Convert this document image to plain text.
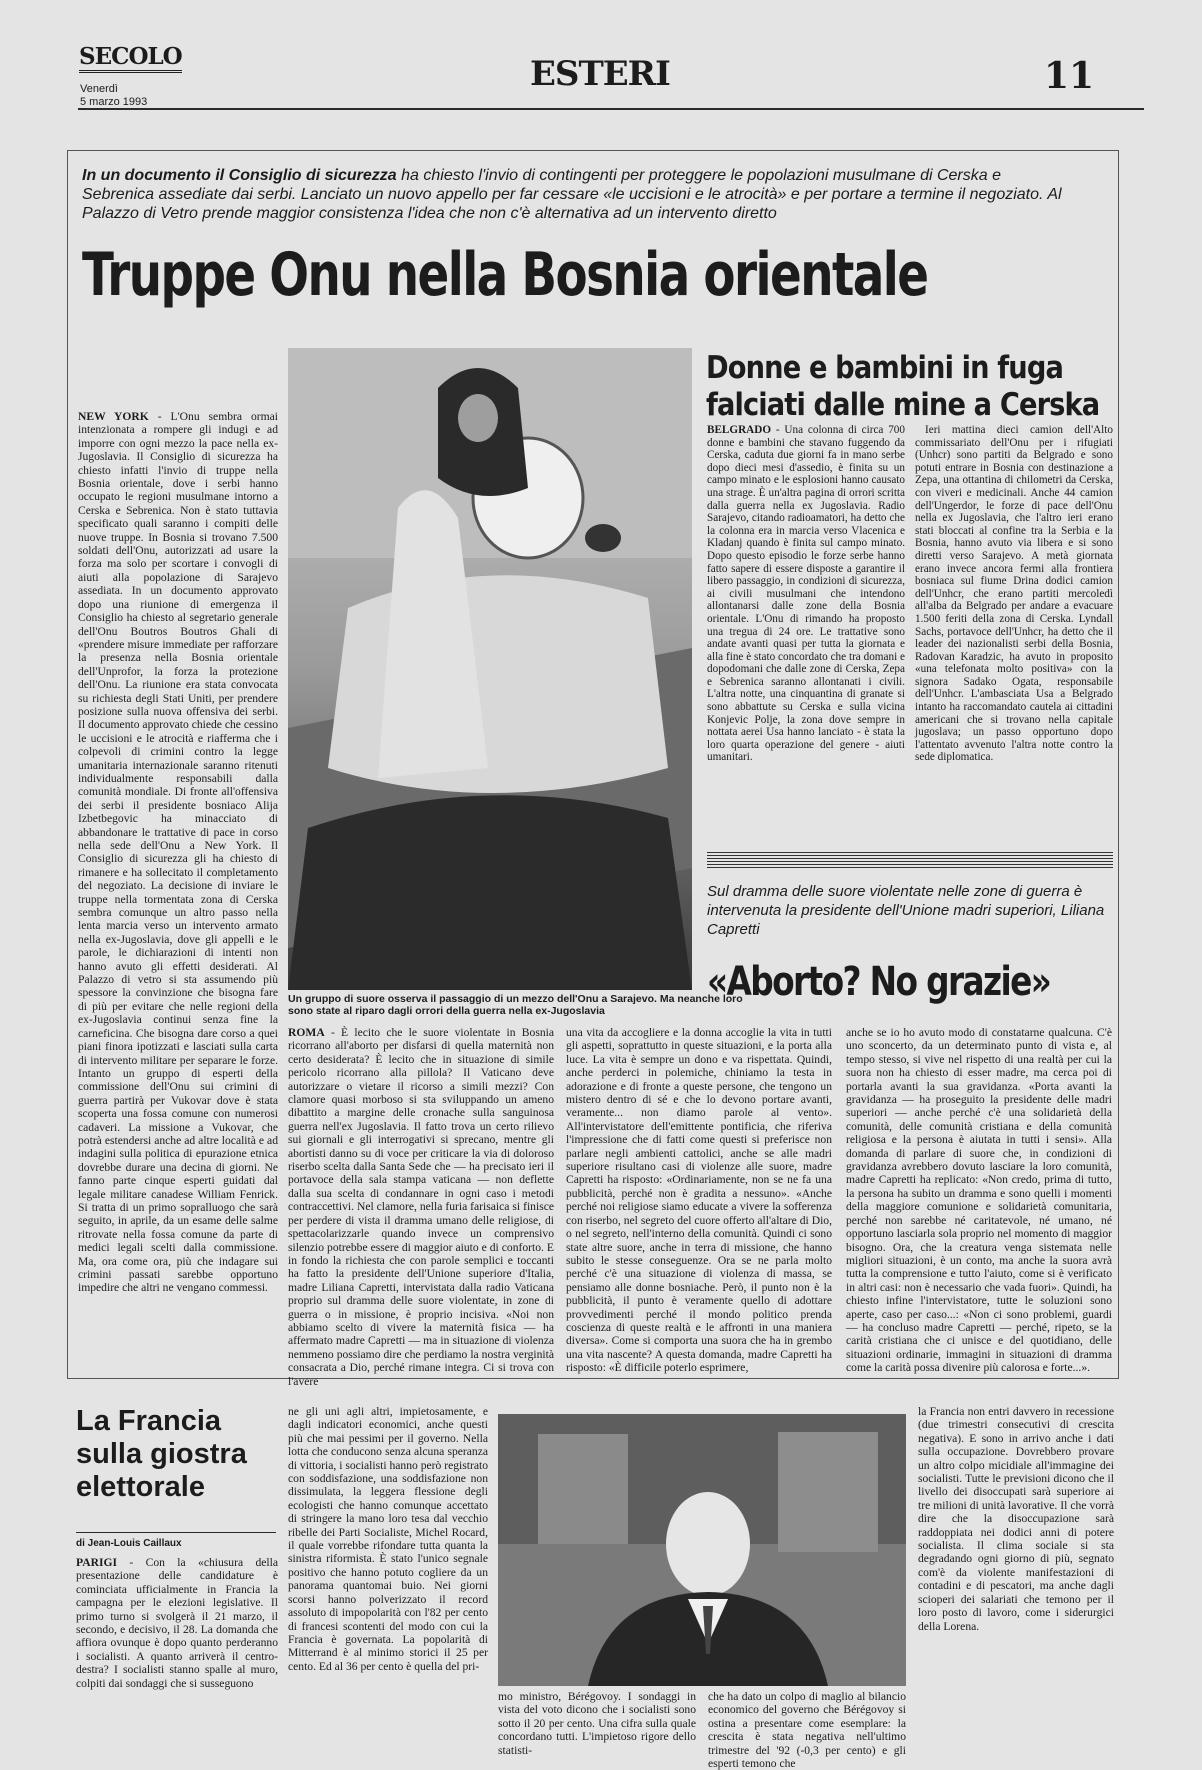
SECOLO
Venerdì
5 marzo 1993
ESTERI	11
In un documento il Consiglio di sicurezza ha chiesto l'invio di contingenti per proteggere le popolazioni musulmane di Cerska e Sebrenica assediate dai serbi. Lanciato un nuovo appello per far cessare «le uccisioni e le atrocità» e per portare a termine il negoziato. Al Palazzo di Vetro prende maggior consistenza l'idea che non c'è alternativa ad un intervento diretto
Truppe Onu nella Bosnia orientale

NEW YORK - L'Onu sembra ormai intenzionata a rompere gli indugi e ad imporre con ogni mezzo la pace nella ex-Jugoslavia. Il Consiglio di sicurezza ha chiesto infatti l'invio di truppe nella Bosnia orientale, dove i serbi hanno occupato le regioni musulmane intorno a Cerska e Sebrenica. Non è stato tuttavia specificato quali saranno i compiti delle nuove truppe. In Bosnia si trovano 7.500 soldati dell'Onu, autorizzati ad usare la forza ma solo per scortare i convogli di aiuti alla popolazione di Sarajevo assediata. In un documento approvato dopo una riunione di emergenza il Consiglio ha chiesto al segretario generale dell'Onu Boutros Boutros Ghali di «prendere misure immediate per rafforzare la presenza nella Bosnia orientale dell'Unprofor, la forza la protezione dell'Onu. La riunione era stata convocata su richiesta degli Stati Uniti, per prendere posizione sulla nuova offensiva dei serbi. Il documento approvato chiede che cessino le uccisioni e le atrocità e riafferma che i colpevoli di crimini contro la legge umanitaria internazionale saranno ritenuti individualmente responsabili dalla comunità mondiale. Di fronte all'offensiva dei serbi il presidente bosniaco Alija Izbetbegovic ha minacciato di abbandonare le trattative di pace in corso nella sede dell'Onu a New York. Il Consiglio di sicurezza gli ha chiesto di rimanere e ha sollecitato il completamento del negoziato. La decisione di inviare le truppe nella tormentata zona di Cerska sembra comunque un altro passo nella lenta marcia verso un intervento armato nella ex-Jugoslavia, dove gli appelli e le parole, le dichiarazioni di intenti non hanno avuto gli effetti desiderati. Al Palazzo di vetro si sta assumendo più spessore la convinzione che bisogna fare di più per evitare che nelle regioni della ex-Jugoslavia continui senza fine la carneficina. Che bisogna dare corso a quei piani finora ipotizzati e lasciati sulla carta di intervento militare per separare le forze. Intanto un gruppo di esperti della commissione dell'Onu sui crimini di guerra partirà per Vukovar dove è stata scoperta una fossa comune con numerosi cadaveri. La missione a Vukovar, che potrà estendersi anche ad altre località e ad indagini sulla politica di epurazione etnica dovrebbe durare una decina di giorni. Ne fanno parte cinque esperti guidati dal legale militare canadese William Fenrick. Si tratta di un primo sopralluogo che sarà seguito, in aprile, da un esame delle salme ritrovate nella fossa comune da parte di medici legali scelti dalla commissione. Ma, ora come ora, più che indagare sui crimini passati sarebbe opportuno impedire che altri ne vengano commessi.

Un gruppo di suore osserva il passaggio di un mezzo dell'Onu a Sarajevo. Ma neanche loro sono state al riparo dagli orrori della guerra nella ex-Jugoslavia
Donne e bambini in fuga falciati dalle mine a Cerska

BELGRADO - Una colonna di circa 700 donne e bambini che stavano fuggendo da Cerska, caduta due giorni fa in mano serbe dopo dieci mesi d'assedio, è finita su un campo minato e le esplosioni hanno causato una strage. È un'altra pagina di orrori scritta dalla guerra nella ex Jugoslavia. Radio Sarajevo, citando radioamatori, ha detto che la colonna era in marcia verso Vlacenica e Kladanj quando è finita sul campo minato. Dopo questo episodio le forze serbe hanno fatto sapere di essere disposte a garantire il libero passaggio, in condizioni di sicurezza, ai civili musulmani che intendono allontanarsi dalle zone della Bosnia orientale. L'Onu di rimando ha proposto una tregua di 24 ore. Le trattative sono andate avanti quasi per tutta la giornata e alla fine è stato concordato che tra domani e dopodomani che dalle zone di Cerska, Zepa e Sebrenica saranno allontanati i civili. L'altra notte, una cinquantina di granate si sono abbattute su Cerska e sulla vicina Konjevic Polje, la zona dove sempre in nottata aerei Usa hanno lanciato - è stata la loro quarta operazione del genere - aiuti umanitari.

Ieri mattina dieci camion dell'Alto commissariato dell'Onu per i rifugiati (Unhcr) sono partiti da Belgrado e sono potuti entrare in Bosnia con destinazione a Zepa, una ottantina di chilometri da Cerska, con viveri e medicinali. Anche 44 camion dell'Ungerdor, le forze di pace dell'Onu nella ex Jugoslavia, che l'altro ieri erano stati bloccati al confine tra la Serbia e la Bosnia, hanno avuto via libera e si sono diretti verso Sarajevo. A metà giornata erano invece ancora fermi alla frontiera bosniaca sul fiume Drina dodici camion dell'Unhcr, che erano partiti mercoledì all'alba da Belgrado per andare a evacuare 1.500 feriti della zona di Cerska. Lyndall Sachs, portavoce dell'Unhcr, ha detto che il leader dei nazionalisti serbi della Bosnia, Radovan Karadzic, ha avuto in proposito «una telefonata molto positiva» con la signora Sadako Ogata, responsabile dell'Unhcr. L'ambasciata Usa a Belgrado intanto ha raccomandato cautela ai cittadini americani che si trovano nella capitale jugoslava; un passo opportuno dopo l'attentato avvenuto l'altra notte contro la sede diplomatica.

Sul dramma delle suore violentate nelle zone di guerra è intervenuta la presidente dell'Unione madri superiori, Liliana Capretti
«Aborto? No grazie»

ROMA - È lecito che le suore violentate in Bosnia ricorrano all'aborto per disfarsi di quella maternità non certo desiderata? È lecito che in situazione di simile pericolo ricorrano alla pillola? Il Vaticano deve autorizzare o vietare il ricorso a simili mezzi? Con clamore quasi morboso si sta sviluppando un ameno dibattito a margine delle cronache sulla sanguinosa guerra nell'ex Jugoslavia. Il fatto trova un certo rilievo sui giornali e gli interrogativi si sprecano, mentre gli abortisti danno su di voce per criticare la via di doloroso riserbo scelta dalla Santa Sede che — ha precisato ieri il portavoce della sala stampa vaticana — non deflette dalla sua scelta di condannare in ogni caso i metodi contraccettivi. Nel clamore, nella furia farisaica si finisce per perdere di vista il dramma umano delle religiose, di spettacolarizzarle quando invece un comprensivo silenzio potrebbe essere di maggior aiuto e di conforto. E in fondo la richiesta che con parole semplici e toccanti ha fatto la presidente dell'Unione superiore d'Italia, madre Liliana Capretti, intervistata dalla radio Vaticana proprio sul dramma delle suore violentate, in zone di guerra o in missione, è proprio incisiva. «Noi non abbiamo scelto di vivere la maternità fisica — ha affermato madre Capretti — ma in situazione di violenza nemmeno possiamo dire che perdiamo la nostra verginità consacrata a Dio, perché rimane integra. Ci si trova con l'avere

una vita da accogliere e la donna accoglie la vita in tutti gli aspetti, soprattutto in queste situazioni, e la porta alla luce. La vita è sempre un dono e va rispettata. Quindi, anche perderci in polemiche, chiniamo la testa in adorazione e di fronte a queste persone, che tengono un mistero dentro di sé e che lo devono portare avanti, veramente... non diamo parole al vento». All'intervistatore dell'emittente pontificia, che riferiva l'impressione che di fatti come questi si preferisce non parlare negli ambienti cattolici, anche se alle madri superiore risultano casi di violenze alle suore, madre Capretti ha risposto: «Ordinariamente, non se ne fa una pubblicità, perché non è gradita a nessuno». «Anche perché noi religiose siamo educate a vivere la sofferenza con riserbo, nel segreto del cuore offerto all'altare di Dio, o nel segreto, nell'interno della comunità. Quindi ci sono state altre suore, anche in terra di missione, che hanno subito le stesse conseguenze. Ora se ne parla molto perché c'è una situazione di violenza di massa, se pensiamo alle donne bosniache. Però, il punto non è la pubblicità, il punto è veramente quello di adottare provvedimenti perché il mondo politico prenda coscienza di queste realtà e le affronti in una maniera diversa». Come si comporta una suora che ha in grembo una vita nascente? A questa domanda, madre Capretti ha risposto: «È difficile poterlo esprimere,

anche se io ho avuto modo di constatarne qualcuna. C'è uno sconcerto, da un determinato punto di vista e, al tempo stesso, si vive nel rispetto di una realtà per cui la suora non ha chiesto di esser madre, ma cerca poi di portarla avanti la sua gravidanza. «Porta avanti la gravidanza — ha proseguito la presidente delle madri superiori — anche perché c'è una solidarietà della comunità, delle comunità cristiana e della comunità religiosa e la persona è aiutata in tutti i sensi». Alla domanda di parlare di suore che, in condizioni di gravidanza avrebbero dovuto lasciare la loro comunità, madre Capretti ha replicato: «Non credo, prima di tutto, la persona ha subito un dramma e sono quelli i momenti della maggiore comunione e solidarietà comunitaria, perché non sarebbe né caritatevole, né umano, né opportuno lasciarla sola proprio nel momento di maggior bisogno. Ora, che la creatura venga sistemata nelle migliori situazioni, è un conto, ma anche la suora avrà tutta la comprensione e tutto l'aiuto, come si è verificato in altri casi: non è necessario che vada fuori». Quindi, ha chiesto infine l'intervistatore, tutte le soluzioni sono aperte, caso per caso...: «Non ci sono problemi, guardi — ha concluso madre Capretti — perché, ripeto, se la carità cristiana che ci unisce e del quotidiano, delle situazioni ordinarie, immagini in situazioni di dramma come la carità possa divenire più calorosa e forte...».

La Francia sulla giostra elettorale
di Jean-Louis Caillaux

PARIGI - Con la «chiusura della presentazione delle candidature è cominciata ufficialmente in Francia la campagna per le elezioni legislative. Il primo turno si svolgerà il 21 marzo, il secondo, e decisivo, il 28. La domanda che affiora ovunque è dopo quanto perderanno i socialisti. A quanto arriverà il centro-destra? I socialisti stanno spalle al muro, colpiti dai sondaggi che si susseguono

ne gli uni agli altri, impietosamente, e dagli indicatori economici, anche questi più che mai pessimi per il governo. Nella lotta che conducono senza alcuna speranza di vittoria, i socialisti hanno però registrato con soddisfazione, una soddisfazione non dissimulata, la leggera flessione degli ecologisti che hanno comunque accettato di stringere la mano loro tesa dal vecchio ribelle dei Parti Socialiste, Michel Rocard, il quale vorrebbe rifondare tutta quanta la sinistra riformista. È stato l'unico segnale positivo che hanno potuto cogliere da un panorama quantomai buio. Nei giorni scorsi hanno polverizzato il record assoluto di impopolarità con l'82 per cento di francesi scontenti del modo con cui la Francia è governata. La popolarità di Mitterrand è al minimo storici il 25 per cento. Ed al 36 per cento è quella del pri-

mo ministro, Bérégovoy. I sondaggi in vista del voto dicono che i socialisti sono sotto il 20 per cento. Una cifra sulla quale concordano tutti. L'impietoso rigore dello statisti-

che ha dato un colpo di maglio al bilancio economico del governo che Bérégovoy si ostina a presentare come esemplare: la crescita è stata negativa nell'ultimo trimestre del '92 (-0,3 per cento) e gli esperti temono che

la Francia non entri davvero in recessione (due trimestri consecutivi di crescita negativa). E sono in arrivo anche i dati sulla occupazione. Dovrebbero provare un altro colpo micidiale all'immagine dei socialisti. Tutte le previsioni dicono che il livello dei disoccupati sarà superiore ai tre milioni di unità lavorative. Il che vorrà dire che la disoccupazione sarà raddoppiata nei dodici anni di potere socialista. Il clima sociale si sta degradando ogni giorno di più, segnato com'è da violente manifestazioni di contadini e di pescatori, ma anche dagli scioperi dei salariati che temono per il loro posto di lavoro, come i siderurgici della Lorena.
